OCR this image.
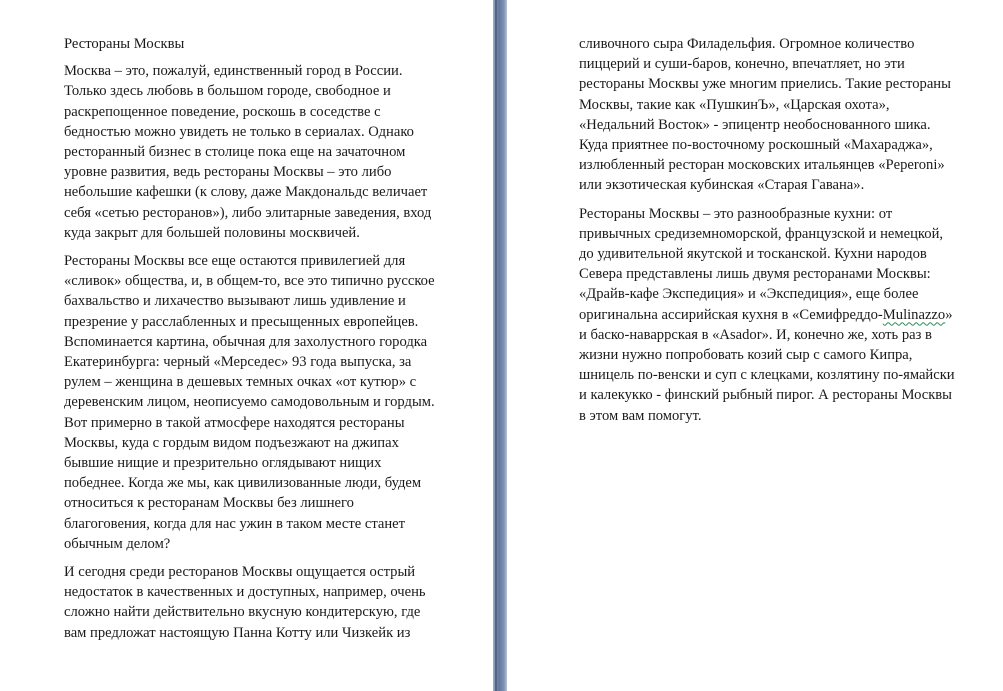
Рестораны Москвы
Москва – это, пожалуй, единственный город в России.
Только здесь любовь в большом городе, свободное и
раскрепощенное поведение, роскошь в соседстве с
бедностью можно увидеть не только в сериалах. Однако
ресторанный бизнес в столице пока еще на зачаточном
уровне развития, ведь рестораны Москвы – это либо
небольшие кафешки (к слову, даже Макдональдс величает
себя «сетью ресторанов»), либо элитарные заведения, вход
куда закрыт для большей половины москвичей.
Рестораны Москвы все еще остаются привилегией для
«сливок» общества, и, в общем-то, все это типично русское
бахвальство и лихачество вызывают лишь удивление и
презрение у расслабленных и пресыщенных европейцев.
Вспоминается картина, обычная для захолустного городка
Екатеринбурга: черный «Мерседес» 93 года выпуска, за
рулем – женщина в дешевых темных очках «от кутюр» с
деревенским лицом, неописуемо самодовольным и гордым.
Вот примерно в такой атмосфере находятся рестораны
Москвы, куда с гордым видом подъезжают на джипах
бывшие нищие и презрительно оглядывают нищих
победнее. Когда же мы, как цивилизованные люди, будем
относиться к ресторанам Москвы без лишнего
благоговения, когда для нас ужин в таком месте станет
обычным делом?
И сегодня среди ресторанов Москвы ощущается острый
недостаток в качественных и доступных, например, очень
сложно найти действительно вкусную кондитерскую, где
вам предложат настоящую Панна Котту или Чизкейк из
сливочного сыра Филадельфия. Огромное количество
пиццерий и суши-баров, конечно, впечатляет, но эти
рестораны Москвы уже многим приелись. Такие рестораны
Москвы, такие как «ПушкинЪ», «Царская охота»,
«Недальний Восток» - эпицентр необоснованного шика.
Куда приятнее по-восточному роскошный «Махараджа»,
излюбленный ресторан московских итальянцев «Peperoni»
или экзотическая кубинская «Старая Гавана».
Рестораны Москвы – это разнообразные кухни: от
привычных средиземноморской, французской и немецкой,
до удивительной якутской и тосканской. Кухни народов
Севера представлены лишь двумя ресторанами Москвы:
«Драйв-кафе Экспедиция» и «Экспедиция», еще более
оригинальна ассирийская кухня в «Семифреддо-Mulinazzo»
и баско-наваррская в «Asador». И, конечно же, хоть раз в
жизни нужно попробовать козий сыр с самого Кипра,
шницель по-венски и суп с клецками, козлятину по-ямайски
и калекукко - финский рыбный пирог. А рестораны Москвы
в этом вам помогут.
